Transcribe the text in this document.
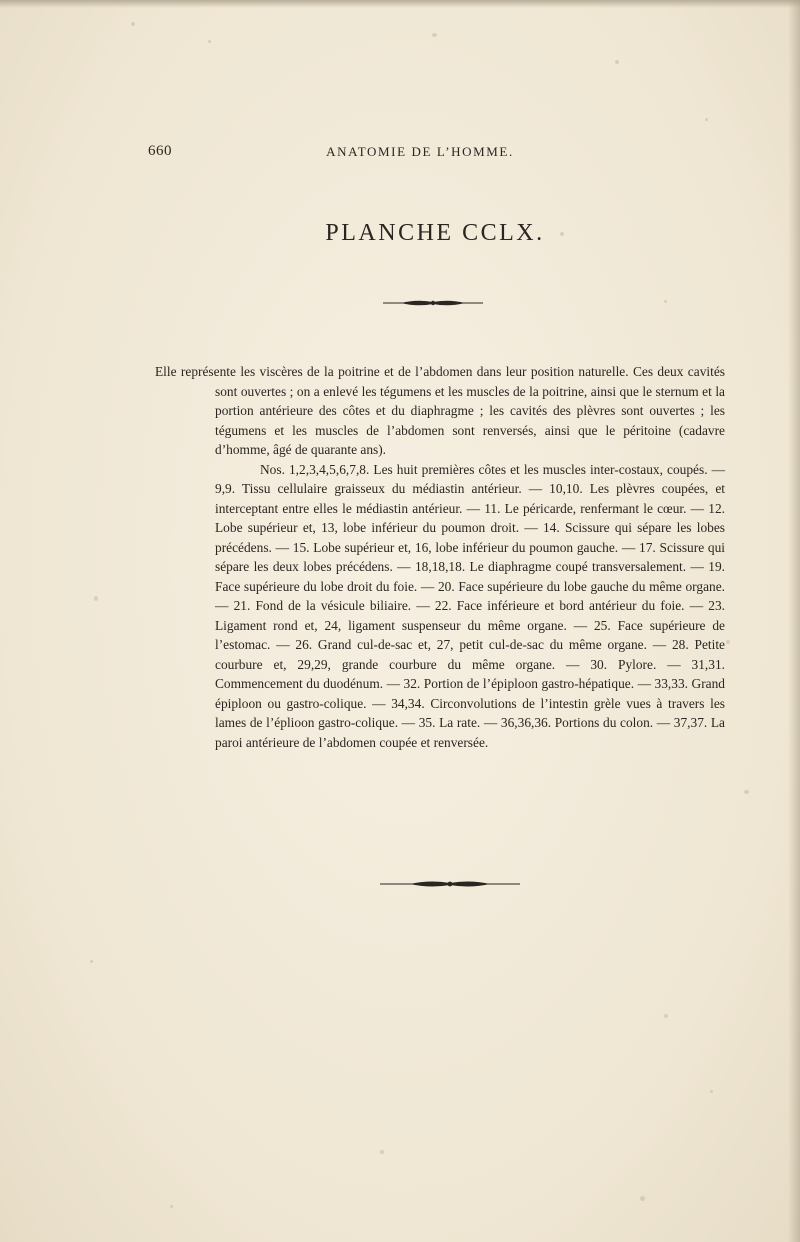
660	ANATOMIE DE L’HOMME.
PLANCHE CCLX.

Elle représente les viscères de la poitrine et de l’abdomen dans leur position naturelle. Ces deux cavités sont ouvertes ; on a enlevé les tégumens et les muscles de la poitrine, ainsi que le sternum et la portion antérieure des côtes et du diaphragme ; les cavités des plèvres sont ouvertes ; les tégumens et les muscles de l’abdomen sont renversés, ainsi que le péritoine (cadavre d’homme, âgé de quarante ans).

Nos. 1,2,3,4,5,6,7,8. Les huit premières côtes et les muscles inter-costaux, coupés. — 9,9. Tissu cellulaire graisseux du médiastin antérieur. — 10,10. Les plèvres coupées, et interceptant entre elles le médiastin antérieur. — 11. Le péricarde, renfermant le cœur. — 12. Lobe supérieur et, 13, lobe inférieur du poumon droit. — 14. Scissure qui sépare les lobes précédens. — 15. Lobe supérieur et, 16, lobe inférieur du poumon gauche. — 17. Scissure qui sépare les deux lobes précédens. — 18,18,18. Le diaphragme coupé transversalement. — 19. Face supérieure du lobe droit du foie. — 20. Face supérieure du lobe gauche du même organe. — 21. Fond de la vésicule biliaire. — 22. Face inférieure et bord antérieur du foie. — 23. Ligament rond et, 24, ligament suspenseur du même organe. — 25. Face supérieure de l’estomac. — 26. Grand cul-de-sac et, 27, petit cul-de-sac du même organe. — 28. Petite courbure et, 29,29, grande courbure du même organe. — 30. Pylore. — 31,31. Commencement du duodénum. — 32. Portion de l’épiploon gastro-hépatique. — 33,33. Grand épiploon ou gastro-colique. — 34,34. Circonvolutions de l’intestin grèle vues à travers les lames de l’éplioon gastro-colique. — 35. La rate. — 36,36,36. Portions du colon. — 37,37. La paroi antérieure de l’abdomen coupée et renversée.
